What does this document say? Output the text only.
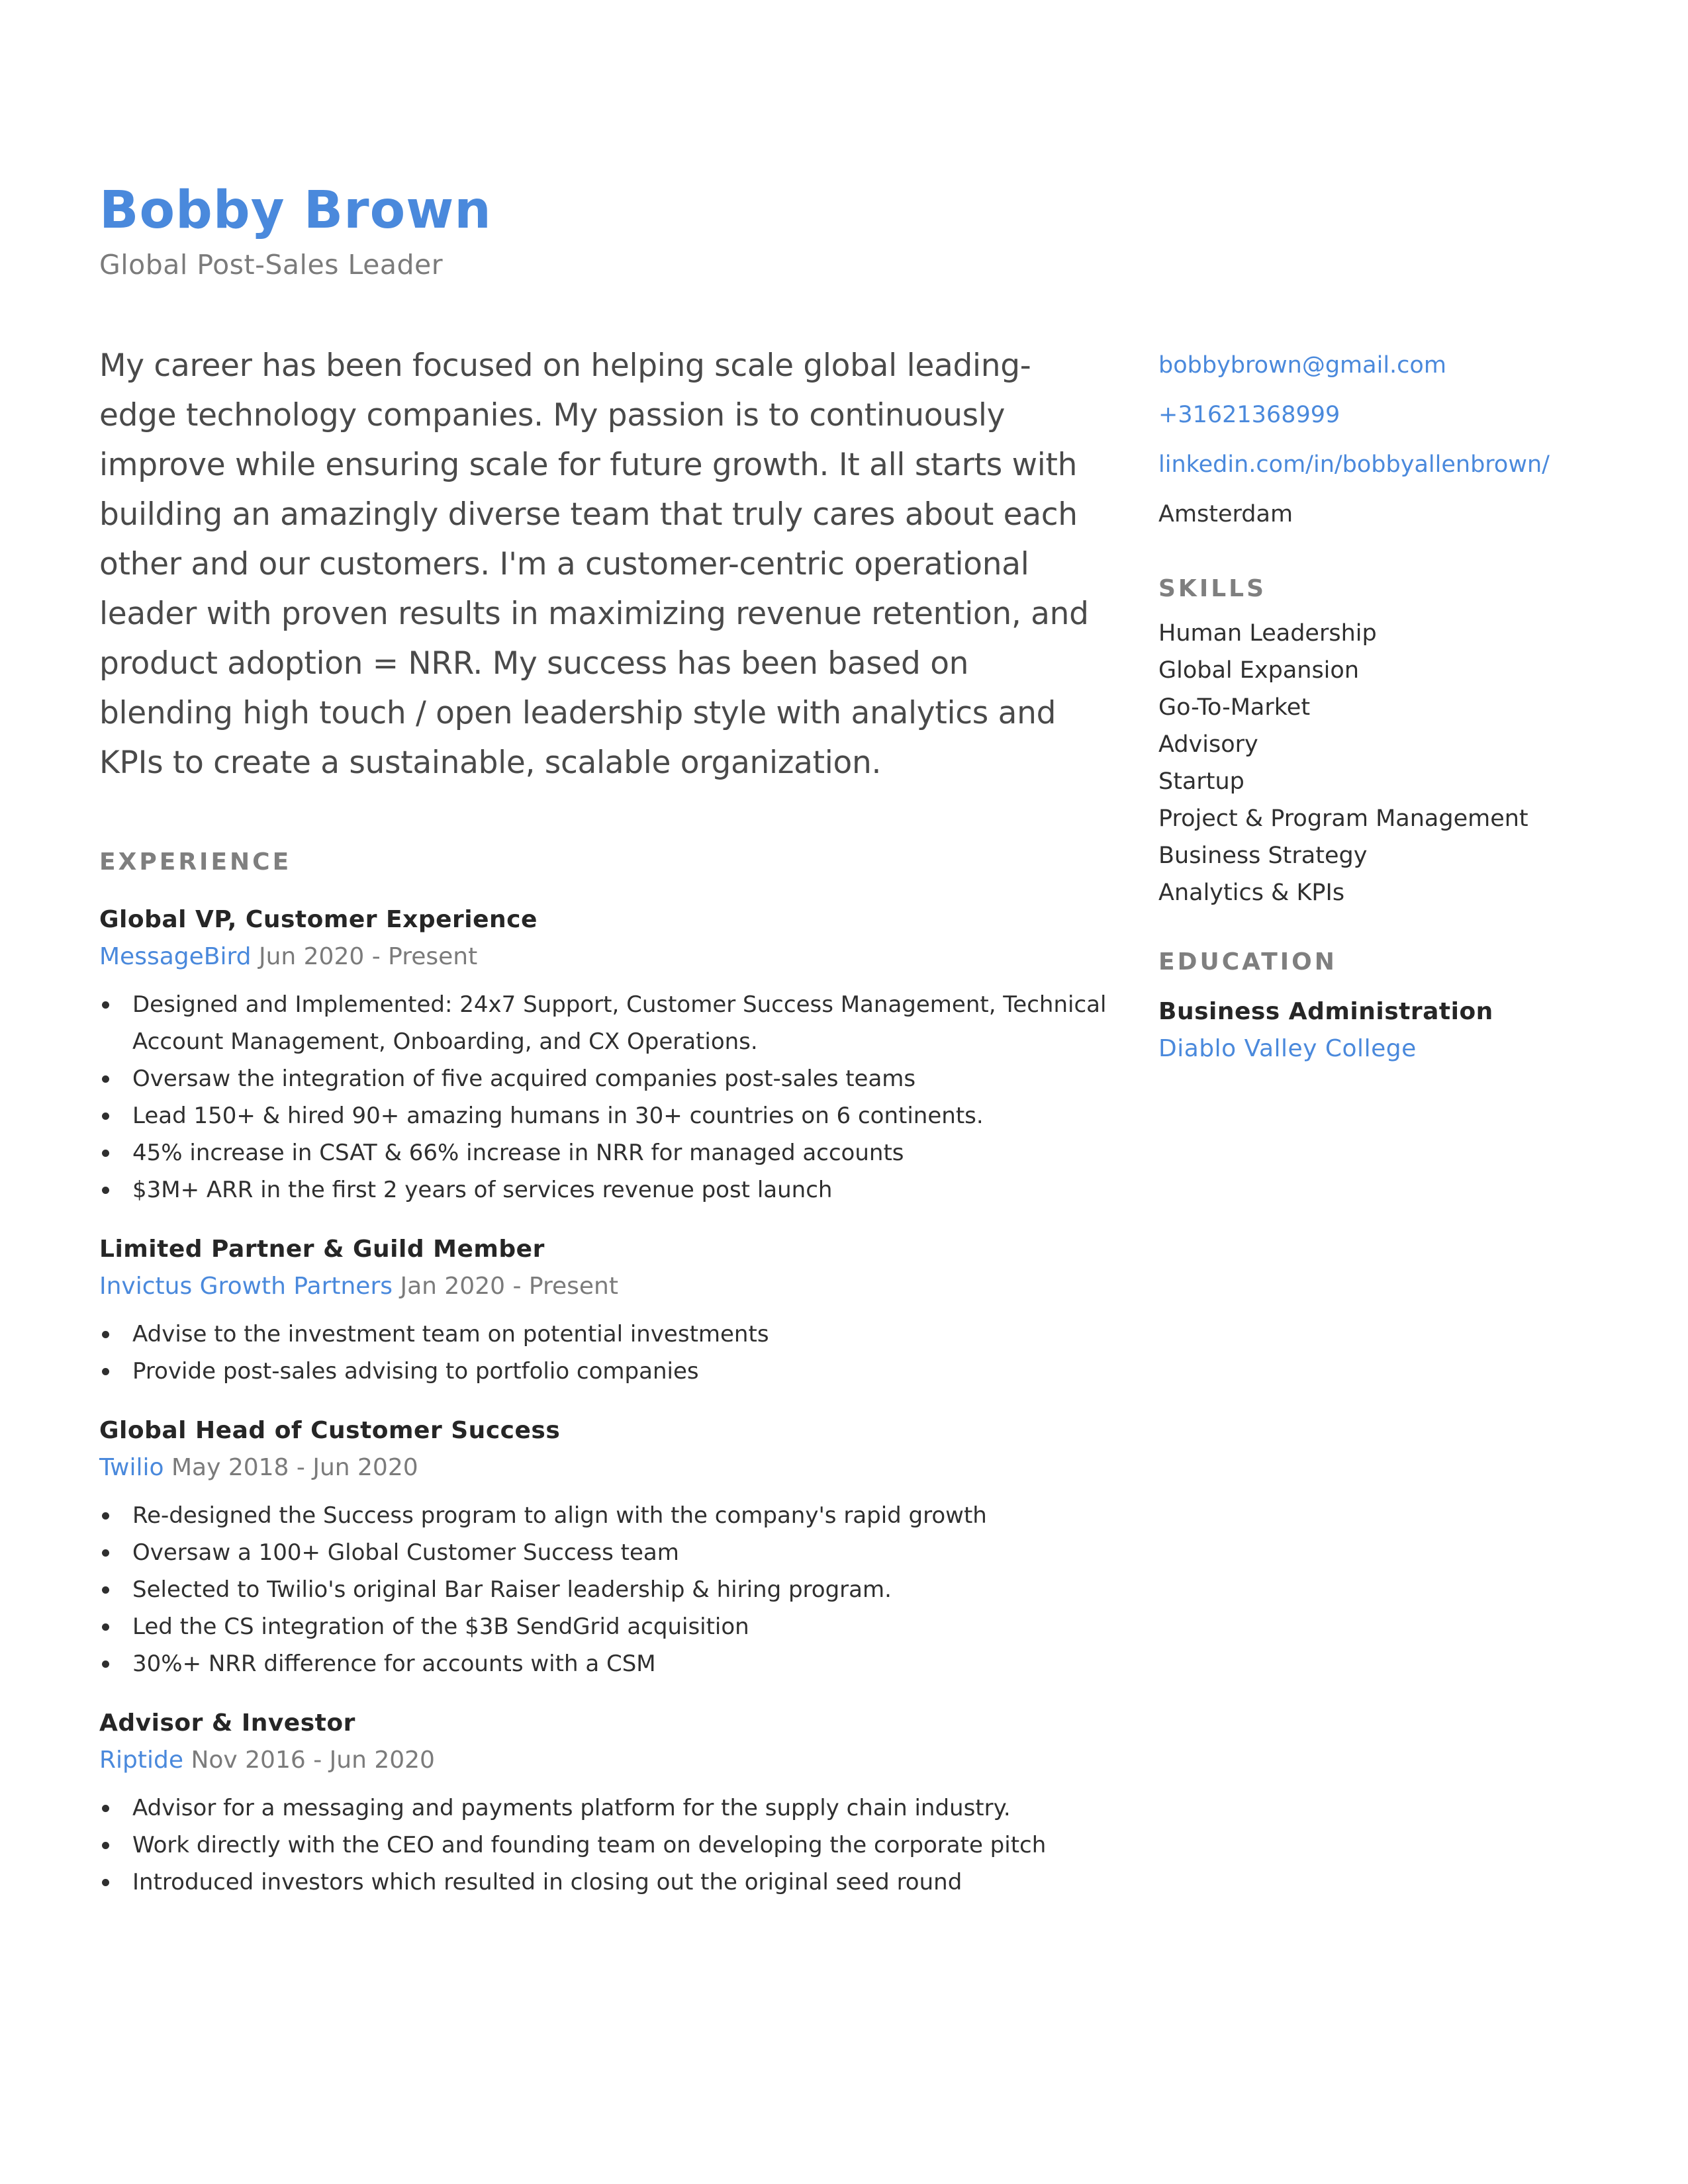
Bobby Brown
Global Post-Sales Leader

My career has been focused on helping scale global leading-edge technology companies. My passion is to continuously improve while ensuring scale for future growth. It all starts with building an amazingly diverse team that truly cares about each other and our customers. I'm a customer-centric operational leader with proven results in maximizing revenue retention, and product adoption = NRR. My success has been based on blending high touch / open leadership style with analytics and KPIs to create a sustainable, scalable organization.

EXPERIENCE
Global VP, Customer Experience
MessageBird Jun 2020 - Present
Designed and Implemented: 24x7 Support, Customer Success Management, Technical Account Management, Onboarding, and CX Operations.
Oversaw the integration of five acquired companies post-sales teams
Lead 150+ & hired 90+ amazing humans in 30+ countries on 6 continents.
45% increase in CSAT & 66% increase in NRR for managed accounts
$3M+ ARR in the first 2 years of services revenue post launch
Limited Partner & Guild Member
Invictus Growth Partners Jan 2020 - Present
Advise to the investment team on potential investments
Provide post-sales advising to portfolio companies
Global Head of Customer Success
Twilio May 2018 - Jun 2020
Re-designed the Success program to align with the company's rapid growth
Oversaw a 100+ Global Customer Success team
Selected to Twilio's original Bar Raiser leadership & hiring program.
Led the CS integration of the $3B SendGrid acquisition
30%+ NRR difference for accounts with a CSM
Advisor & Investor
Riptide Nov 2016 - Jun 2020
Advisor for a messaging and payments platform for the supply chain industry.
Work directly with the CEO and founding team on developing the corporate pitch
Introduced investors which resulted in closing out the original seed round
bobbybrown@gmail.com
+31621368999
linkedin.com/in/bobbyallenbrown/
Amsterdam
SKILLS
Human Leadership
Global Expansion
Go-To-Market
Advisory
Startup
Project & Program Management
Business Strategy
Analytics & KPIs
EDUCATION
Business Administration
Diablo Valley College
